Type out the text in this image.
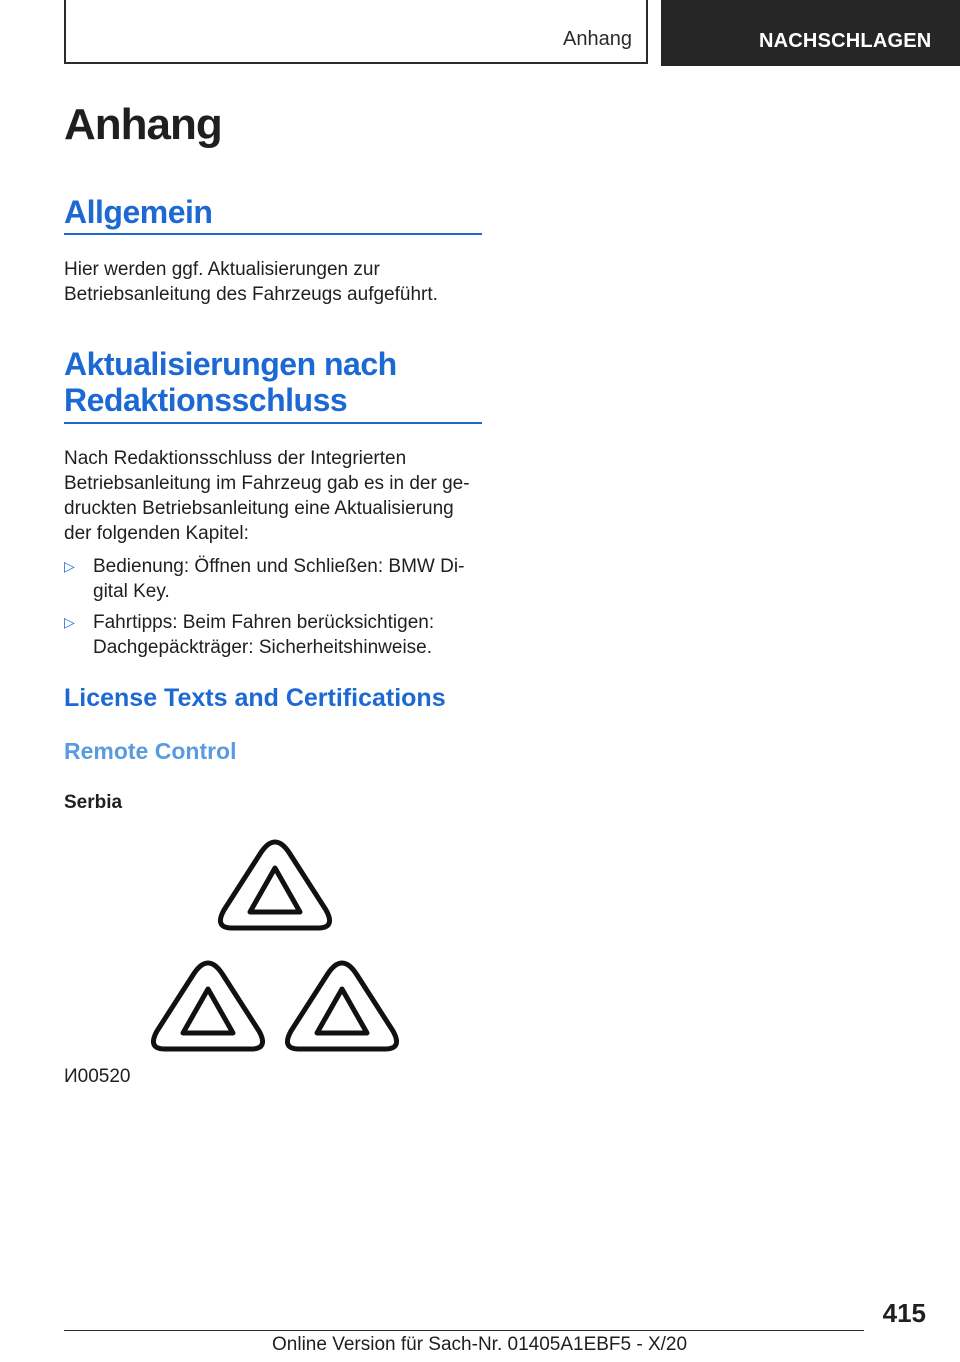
Anhang	NACHSCHLAGEN
Anhang
Allgemein

Hier werden ggf. Aktualisierungen zur Betriebsanleitung des Fahrzeugs aufgeführt.

Aktualisierungen nach
Redaktionsschluss

Nach Redaktionsschluss der Integrierten Betriebsanleitung im Fahrzeug gab es in der ge-druckten Betriebsanleitung eine Aktualisierung der folgenden Kapitel:

▷ Bedienung: Öffnen und Schließen: BMW Di-gital Key.
▷ Fahrtipps: Beim Fahren berücksichtigen: Dachgepäckträger: Sicherheitshinweise.
License Texts and Certifications
Remote Control
Serbia
И00520
415
Online Version für Sach-Nr. 01405A1EBF5 - X/20
